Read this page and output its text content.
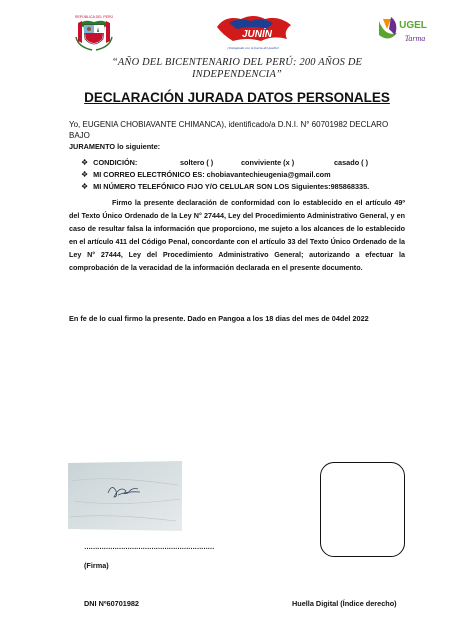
REPÚBLICA DEL PERÚ
JUNÍN
¡Trabajando con la fuerza del pueblo!
UGEL
Tarma
“AÑO DEL BICENTENARIO DEL PERÚ: 200 AÑOS DE
INDEPENDENCIA”
DECLARACIÓN JURADA DATOS PERSONALES
Yo, EUGENIA CHOBIAVANTE CHIMANCA), identificado/a D.N.I. N° 60701982 DECLARO BAJO
JURAMENTO lo siguiente:
❖ CONDICIÓN:	soltero ( )	conviviente (x )	casado ( )
❖ MI CORREO ELECTRÓNICO ES: chobiavantechieugenia@gmail.com
❖ MI NÚMERO TELEFÓNICO FIJO Y/O CELULAR SON LOS Siguientes:985868335.
Firmo la presente declaración de conformidad con lo establecido en el artículo 49º del Texto Único Ordenado de la Ley N° 27444, Ley del Procedimiento Administrativo General, y en caso de resultar falsa la información que proporciono, me sujeto a los alcances de lo establecido en el artículo 411 del Código Penal, concordante con el artículo 33 del Texto Único Ordenado de la Ley N° 27444, Ley del Procedimiento Administrativo General; autorizando a efectuar la comprobación de la veracidad de la información declarada en el presente documento.
En fe de lo cual firmo la presente. Dado en Pangoa a los 18 dias del mes de 04del 2022
……………………………………………………
(Firma)
DNI Nº60701982	Huella Digital (Índice derecho)
